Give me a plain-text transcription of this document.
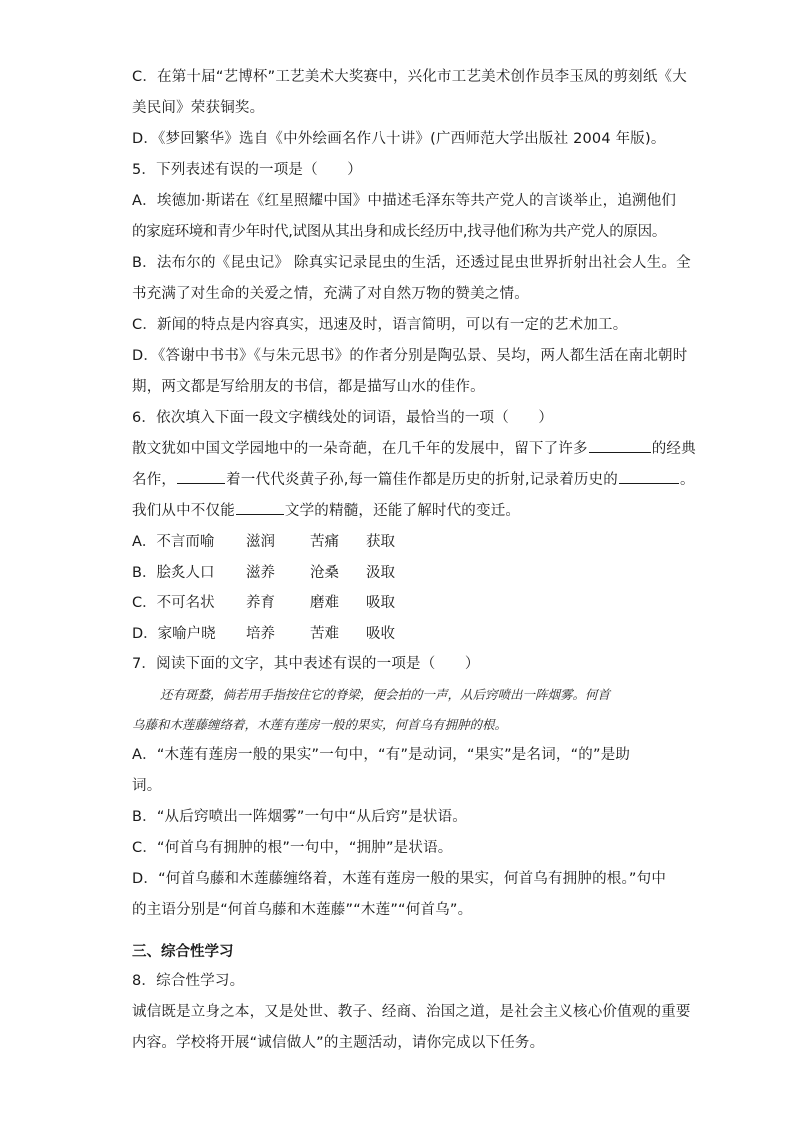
C．在第十届“艺博杯”工艺美术大奖赛中，兴化市工艺美术创作员李玉凤的剪刻纸《大
美民间》荣获铜奖。
D．《梦回繁华》选自《中外绘画名作八十讲》(广西师范大学出版社 2004 年版)。
5．下列表述有误的一项是（　　）
A．埃德加·斯诺在《红星照耀中国》中描述毛泽东等共产党人的言谈举止，追溯他们
的家庭环境和青少年时代,试图从其出身和成长经历中,找寻他们称为共产党人的原因。
B．法布尔的《昆虫记》 除真实记录昆虫的生活，还透过昆虫世界折射出社会人生。全
书充满了对生命的关爱之情，充满了对自然万物的赞美之情。
C．新闻的特点是内容真实，迅速及时，语言简明，可以有一定的艺术加工。
D．《答谢中书书》《与朱元思书》的作者分别是陶弘景、吴均，两人都生活在南北朝时
期，两文都是写给朋友的书信，都是描写山水的佳作。
6．依次填入下面一段文字横线处的词语，最恰当的一项（　　）
散文犹如中国文学园地中的一朵奇葩，在几千年的发展中，留下了许多	的经典
名作，	着一代代炎黄子孙,每一篇佳作都是历史的折射,记录着历史的	。
我们从中不仅能	文学的精髓，还能了解时代的变迁。
A．不言而喻	滋润	苦痛	获取
B．脍炙人口	滋养	沧桑	汲取
C．不可名状	养育	磨难	吸取
D．家喻户晓	培养	苦难	吸收
7．阅读下面的文字，其中表述有误的一项是（　　）
还有斑蝥，倘若用手指按住它的脊梁，便会拍的一声，从后窍喷出一阵烟雾。何首
乌藤和木莲藤缠络着，木莲有莲房一般的果实，何首乌有拥肿的根。
A．“木莲有莲房一般的果实”一句中，“有”是动词，“果实”是名词，“的”是助
词。
B．“从后窍喷出一阵烟雾”一句中“从后窍”是状语。
C．“何首乌有拥肿的根”一句中，“拥肿”是状语。
D．“何首乌藤和木莲藤缠络着，木莲有莲房一般的果实，何首乌有拥肿的根。”句中
的主语分别是“何首乌藤和木莲藤”“木莲”“何首乌”。
三、综合性学习
8．综合性学习。
诚信既是立身之本，又是处世、教子、经商、治国之道，是社会主义核心价值观的重要
内容。学校将开展“诚信做人”的主题活动，请你完成以下任务。
